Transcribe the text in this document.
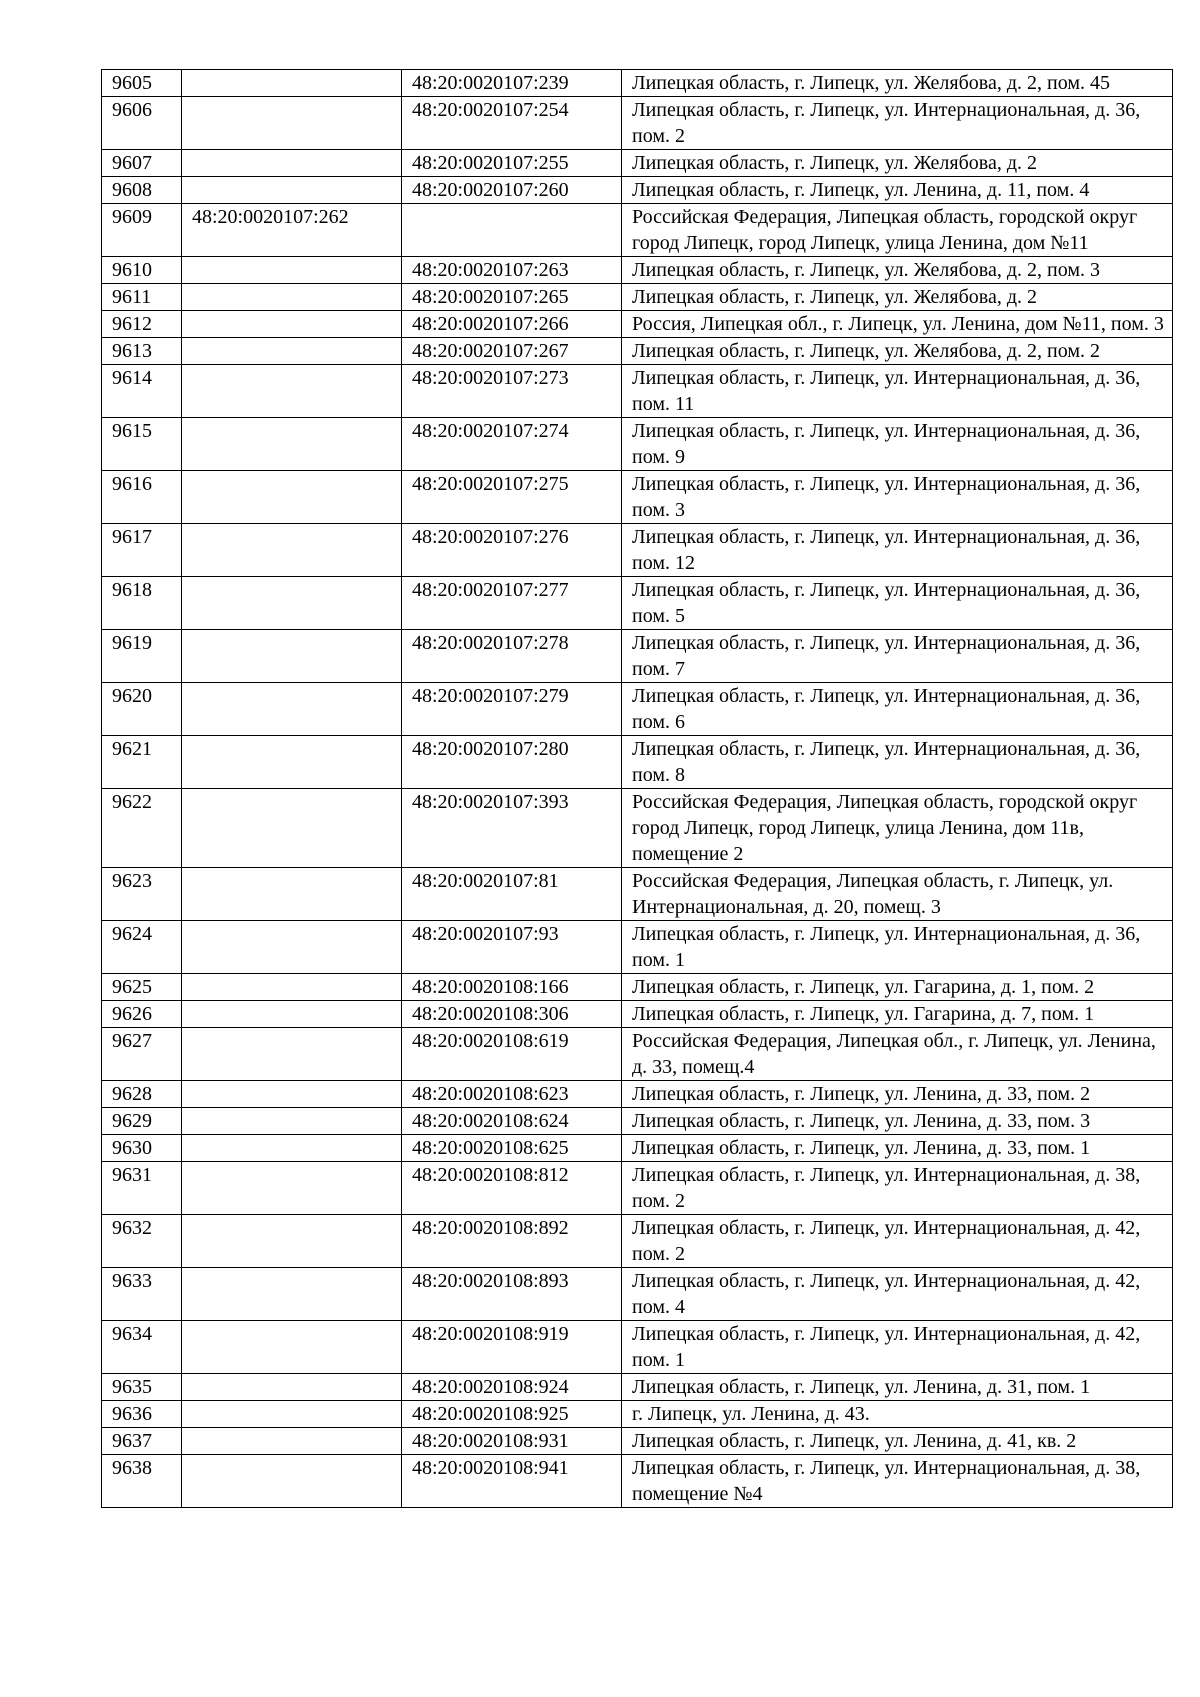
9605		48:20:0020107:239	Липецкая область, г. Липецк, ул. Желябова, д. 2, пом. 45
9606		48:20:0020107:254	Липецкая область, г. Липецк, ул. Интернациональная, д. 36, пом. 2
9607		48:20:0020107:255	Липецкая область, г. Липецк, ул. Желябова, д. 2
9608		48:20:0020107:260	Липецкая область, г. Липецк, ул. Ленина, д. 11, пом. 4
9609	48:20:0020107:262		Российская Федерация, Липецкая область, городской округ город Липецк, город Липецк, улица Ленина, дом №11
9610		48:20:0020107:263	Липецкая область, г. Липецк, ул. Желябова, д. 2, пом. 3
9611		48:20:0020107:265	Липецкая область, г. Липецк, ул. Желябова, д. 2
9612		48:20:0020107:266	Россия, Липецкая обл., г. Липецк, ул. Ленина, дом №11, пом. 3
9613		48:20:0020107:267	Липецкая область, г. Липецк, ул. Желябова, д. 2, пом. 2
9614		48:20:0020107:273	Липецкая область, г. Липецк, ул. Интернациональная, д. 36, пом. 11
9615		48:20:0020107:274	Липецкая область, г. Липецк, ул. Интернациональная, д. 36, пом. 9
9616		48:20:0020107:275	Липецкая область, г. Липецк, ул. Интернациональная, д. 36, пом. 3
9617		48:20:0020107:276	Липецкая область, г. Липецк, ул. Интернациональная, д. 36, пом. 12
9618		48:20:0020107:277	Липецкая область, г. Липецк, ул. Интернациональная, д. 36, пом. 5
9619		48:20:0020107:278	Липецкая область, г. Липецк, ул. Интернациональная, д. 36, пом. 7
9620		48:20:0020107:279	Липецкая область, г. Липецк, ул. Интернациональная, д. 36, пом. 6
9621		48:20:0020107:280	Липецкая область, г. Липецк, ул. Интернациональная, д. 36, пом. 8
9622		48:20:0020107:393	Российская Федерация, Липецкая область, городской округ город Липецк, город Липецк, улица Ленина, дом 11в, помещение 2
9623		48:20:0020107:81	Российская Федерация, Липецкая область, г. Липецк, ул. Интернациональная, д. 20, помещ. 3
9624		48:20:0020107:93	Липецкая область, г. Липецк, ул. Интернациональная, д. 36, пом. 1
9625		48:20:0020108:166	Липецкая область, г. Липецк, ул. Гагарина, д. 1, пом. 2
9626		48:20:0020108:306	Липецкая область, г. Липецк, ул. Гагарина, д. 7, пом. 1
9627		48:20:0020108:619	Российская Федерация, Липецкая обл., г. Липецк, ул. Ленина, д. 33, помещ.4
9628		48:20:0020108:623	Липецкая область, г. Липецк, ул. Ленина, д. 33, пом. 2
9629		48:20:0020108:624	Липецкая область, г. Липецк, ул. Ленина, д. 33, пом. 3
9630		48:20:0020108:625	Липецкая область, г. Липецк, ул. Ленина, д. 33, пом. 1
9631		48:20:0020108:812	Липецкая область, г. Липецк, ул. Интернациональная, д. 38, пом. 2
9632		48:20:0020108:892	Липецкая область, г. Липецк, ул. Интернациональная, д. 42, пом. 2
9633		48:20:0020108:893	Липецкая область, г. Липецк, ул. Интернациональная, д. 42, пом. 4
9634		48:20:0020108:919	Липецкая область, г. Липецк, ул. Интернациональная, д. 42, пом. 1
9635		48:20:0020108:924	Липецкая область, г. Липецк, ул. Ленина, д. 31, пом. 1
9636		48:20:0020108:925	г. Липецк, ул. Ленина, д. 43.
9637		48:20:0020108:931	Липецкая область, г. Липецк, ул. Ленина, д. 41, кв. 2
9638		48:20:0020108:941	Липецкая область, г. Липецк, ул. Интернациональная, д. 38, помещение №4
